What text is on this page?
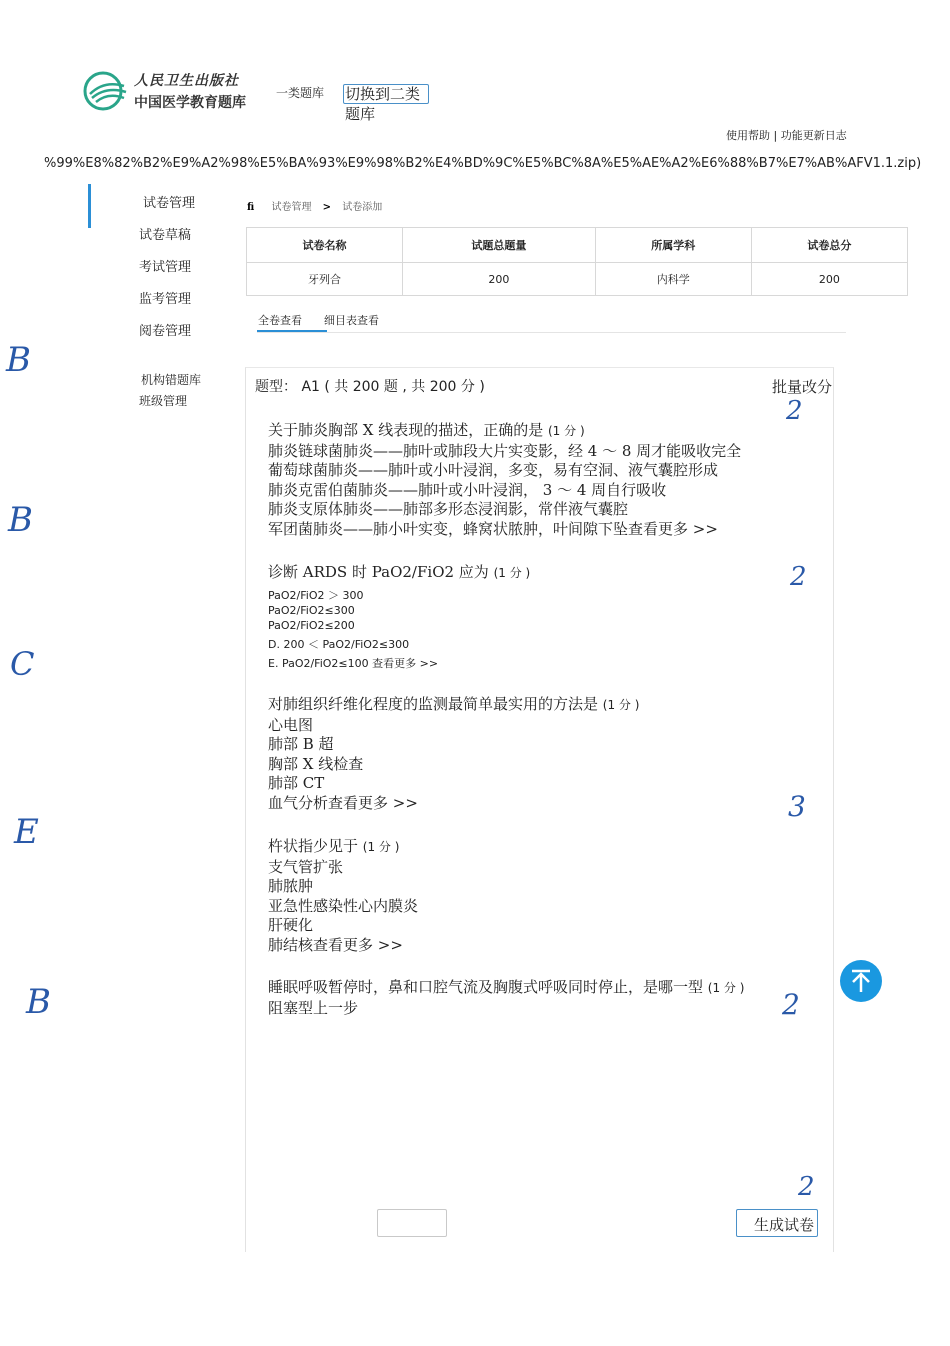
人民卫生出版社
中国医学教育题库
一类题库 切换到二类题库
使用帮助 | 功能更新日志
%99%E8%82%B2%E9%A2%98%E5%BA%93%E9%98%B2%E4%BD%9C%E5%BC%8A%E5%AE%A2%E6%88%B7%E7%AB%AFV1.1.zip)
试卷管理
试卷草稿
考试管理
监考管理
阅卷管理
机构错题库
班级管理
fi 试卷管理 > 试卷添加
试卷名称	试题总题量	所属学科	试卷总分
牙列合	200	内科学	200
全卷查看 细目表查看
题型： A1 ( 共 200 题 , 共 200 分 )	批量改分
关于肺炎胸部 X 线表现的描述，正确的是 (1 分 )
肺炎链球菌肺炎——肺叶或肺段大片实变影，经 4 ～ 8 周才能吸收完全
葡萄球菌肺炎——肺叶或小叶浸润，多变，易有空洞、液气囊腔形成
肺炎克雷伯菌肺炎——肺叶或小叶浸润， 3 ～ 4 周自行吸收
肺炎支原体肺炎——肺部多形态浸润影，常伴液气囊腔
军团菌肺炎——肺小叶实变，蜂窝状脓肿，叶间隙下坠查看更多 >>
诊断 ARDS 时 PaO2/FiO2 应为 (1 分 )
PaO2/FiO2 ＞ 300
PaO2/FiO2≤300
PaO2/FiO2≤200
D. 200 ＜ PaO2/FiO2≤300
E. PaO2/FiO2≤100 查看更多 >>
对肺组织纤维化程度的监测最简单最实用的方法是 (1 分 )
心电图
肺部 B 超
胸部 X 线检查
肺部 CT
血气分析查看更多 >>
杵状指少见于 (1 分 )
支气管扩张
肺脓肿
亚急性感染性心内膜炎
肝硬化
肺结核查看更多 >>
睡眠呼吸暂停时，鼻和口腔气流及胸腹式呼吸同时停止，是哪一型 (1 分 )
阻塞型上一步
生成试卷
B
B
C
E
B
2
2
3
2
2
